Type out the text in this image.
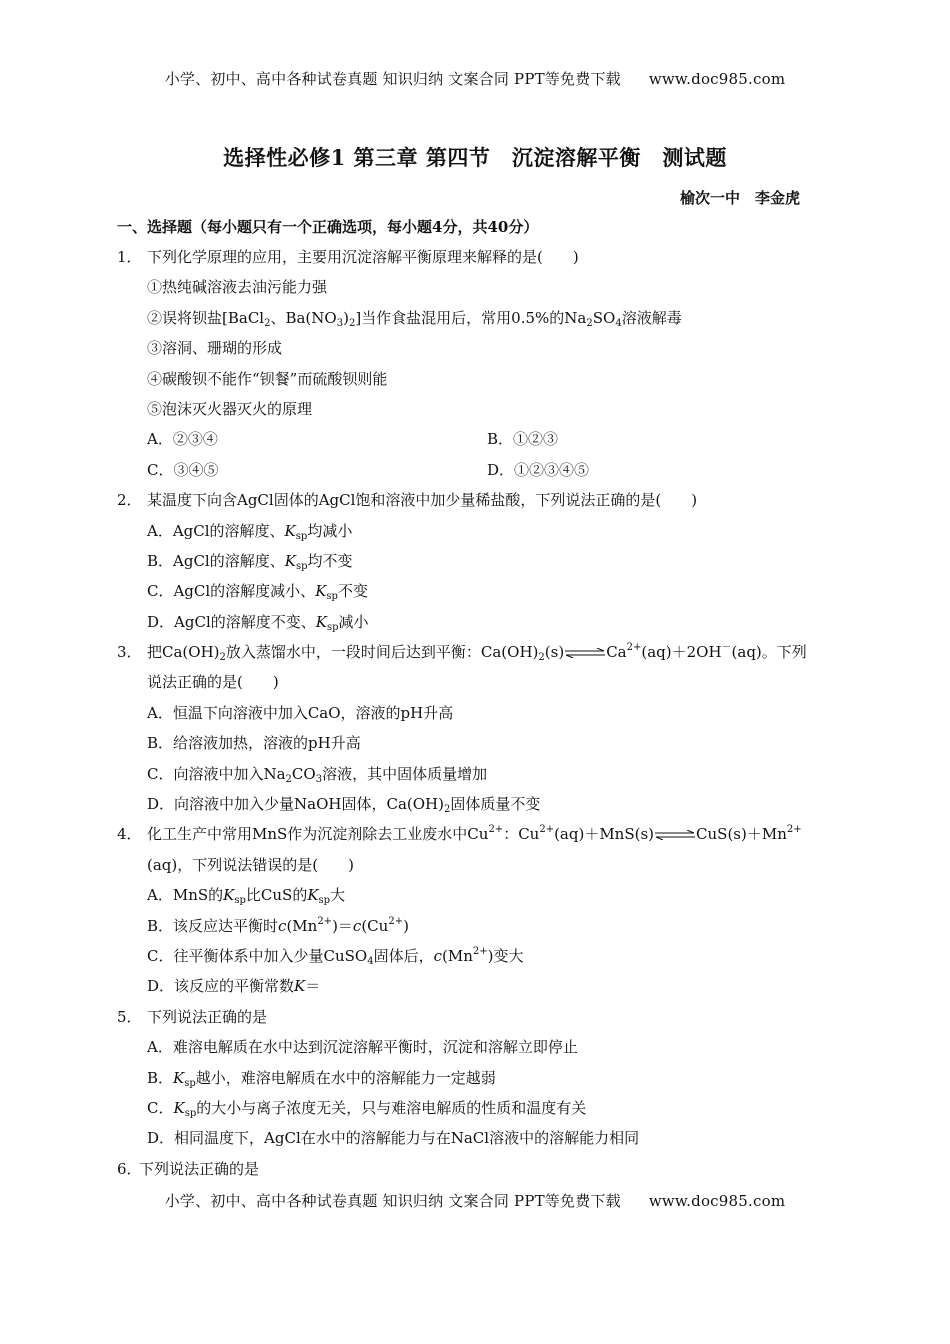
小学、初中、高中各种试卷真题 知识归纳 文案合同 PPT等免费下载 www.doc985.com
选择性必修1 第三章 第四节　沉淀溶解平衡　测试题
榆次一中　李金虎
一、选择题（每小题只有一个正确选项，每小题4分，共40分）
1． 下列化学原理的应用，主要用沉淀溶解平衡原理来解释的是(　　)
①热纯碱溶液去油污能力强
②误将钡盐[BaCl$_2$、$Ba(NO_3)_2$]当作食盐混用后，常用0.5%的$Na_2SO_4$溶液解毒
③溶洞、珊瑚的形成
④碳酸钡不能作“钡餐”而硫酸钡则能
⑤泡沫灭火器灭火的原理
A．②③④	B．①②③
C．③④⑤	D．①②③④⑤
2． 某温度下向含AgCl固体的AgCl饱和溶液中加少量稀盐酸，下列说法正确的是(　　)
A．AgCl的溶解度、$K_{sp}$均减小
B．AgCl的溶解度、$K_{sp}$均不变
C．AgCl的溶解度减小、$K_{sp}$不变
D．AgCl的溶解度不变、$K_{sp}$减小
3． 把$Ca(OH)_2$放入蒸馏水中，一段时间后达到平衡：$Ca(OH)_2(s)\rightleftharpoons Ca^{2+}(aq)+2OH^-(aq)$。下列
说法正确的是(　　)
A．恒温下向溶液中加入CaO，溶液的pH升高
B．给溶液加热，溶液的pH升高
C．向溶液中加入$Na_2CO_3$溶液，其中固体质量增加
D．向溶液中加入少量NaOH固体，$Ca(OH)_2$固体质量不变
4． 化工生产中常用MnS作为沉淀剂除去工业废水中$Cu^{2+}$：$Cu^{2+}(aq)+MnS(s)\rightleftharpoons CuS(s)+Mn^{2+}$
(aq)，下列说法错误的是(　　)
A．MnS的$K_{sp}$比CuS的$K_{sp}$大
B．该反应达平衡时$c(Mn^{2+})=c(Cu^{2+})$
C．往平衡体系中加入少量CuSO$_4$固体后，$c(Mn^{2+})$变大
D．该反应的平衡常数K＝
5． 下列说法正确的是
A．难溶电解质在水中达到沉淀溶解平衡时，沉淀和溶解立即停止
B．$K_{sp}$越小，难溶电解质在水中的溶解能力一定越弱
C．$K_{sp}$的大小与离子浓度无关，只与难溶电解质的性质和温度有关
D．相同温度下，AgCl在水中的溶解能力与在NaCl溶液中的溶解能力相同
6．
下列说法正确的是
小学、初中、高中各种试卷真题 知识归纳 文案合同 PPT等免费下载 www.doc985.com
